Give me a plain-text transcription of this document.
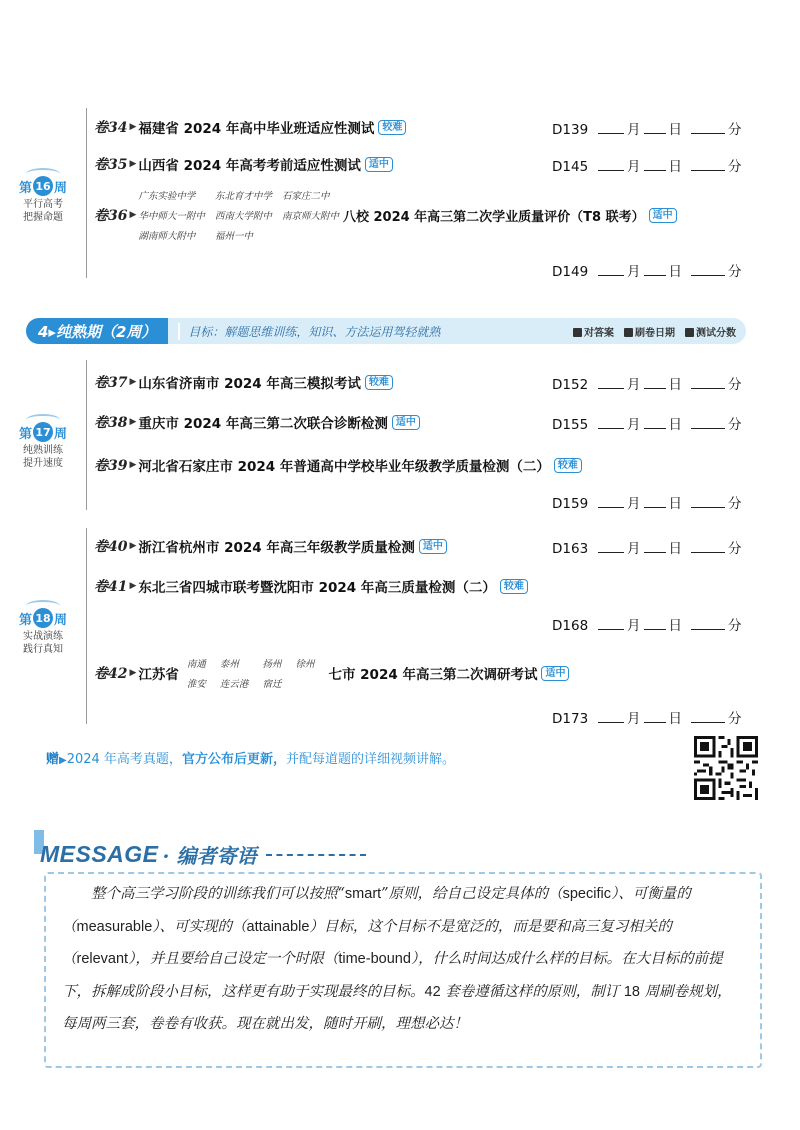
第 16 周
平行高考
把握命题
卷34 ▶ 福建省 2024 年高中毕业班适应性测试 较难	D139	月 日	分
卷35 ▶ 山西省 2024 年高考考前适应性测试 适中	D145	月 日	分
卷36 ▶
广东实验中学	东北育才中学 石家庄二中
华中师大一附中 西南大学附中 南京师大附中
湖南师大附中	福州一中
八校 2024 年高三第二次学业质量评价（T8 联考） 适中
D149	月 日	分
4▸纯熟期（2周）	目标：解题思维训练，知识、方法运用驾轻就熟	对答案	刷卷日期	测试分数
第 17 周
纯熟训练
提升速度
卷37 ▶ 山东省济南市 2024 年高三模拟考试 较难	D152	月 日	分
卷38 ▶ 重庆市 2024 年高三第二次联合诊断检测 适中	D155	月 日	分
卷39 ▶ 河北省石家庄市 2024 年普通高中学校毕业年级教学质量检测（二） 较难
D159	月 日	分
第 18 周
实战演练
践行真知
卷40 ▶ 浙江省杭州市 2024 年高三年级教学质量检测 适中	D163	月 日	分
卷41 ▶ 东北三省四城市联考暨沈阳市 2024 年高三质量检测（二） 较难
D168	月 日	分
卷42 ▶ 江苏省
南通 泰州	扬州 徐州
淮安 连云港 宿迁
七市 2024 年高三第二次调研考试 适中
D173	月 日	分
赠▶2024 年高考真题，官方公布后更新，并配每道题的详细视频讲解。
MESSAGE · 编者寄语

整个高三学习阶段的训练我们可以按照“smart”原则，给自己设定具体的（specific）、可衡量的（measurable）、可实现的（attainable）目标，这个目标不是宽泛的，而是要和高三复习相关的（relevant），并且要给自己设定一个时限（time-bound），什么时间达成什么样的目标。在大目标的前提下，拆解成阶段小目标，这样更有助于实现最终的目标。42 套卷遵循这样的原则，制订 18 周刷卷规划，每周两三套，卷卷有收获。现在就出发，随时开刷，理想必达！
